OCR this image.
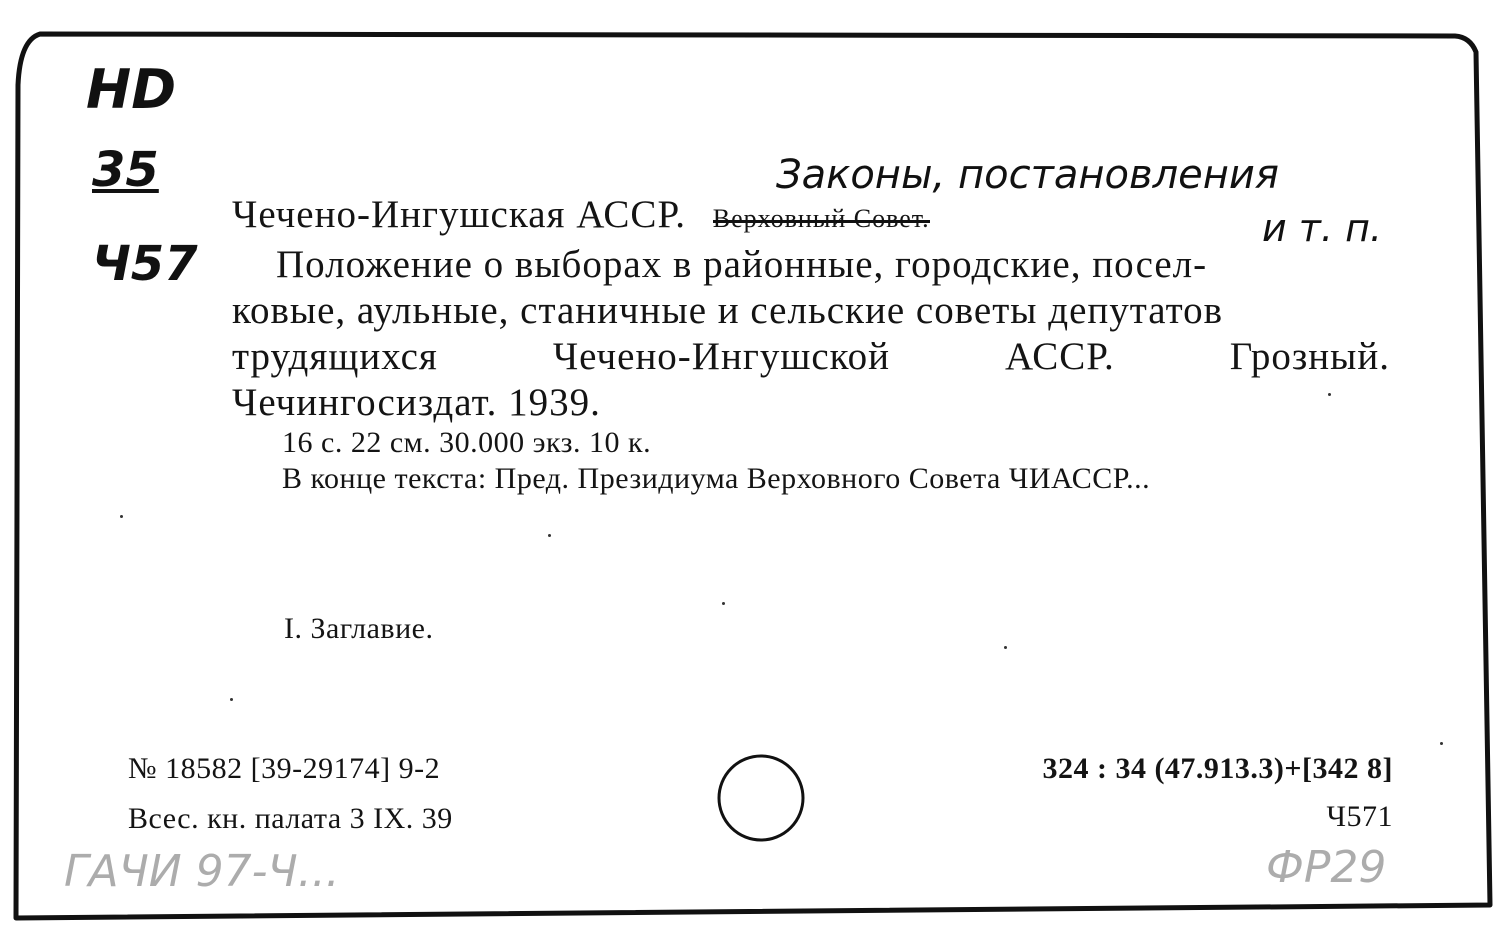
НD
35
Ч57
Законы, постановления
и т. п.
Чечено-Ингушская АССР. Верховный Совет.
Положение о выборах в районные, городские, посел-
ковые, аульные, станичные и сельские советы депутатов
трудящихся	Чечено-Ингушской	АССР.	Грозный.
Чечингосиздат. 1939.
16 с. 22 см. 30.000 экз. 10 к.
В конце текста: Пред. Президиума Верховного Совета ЧИАССР...
I. Заглавие.
№ 18582 [39-29174] 9-2
Всес. кн. палата 3 IX. 39
324 : 34 (47.913.3)+[342 8]
Ч571
ГАЧИ 97-Ч...	ФР29
